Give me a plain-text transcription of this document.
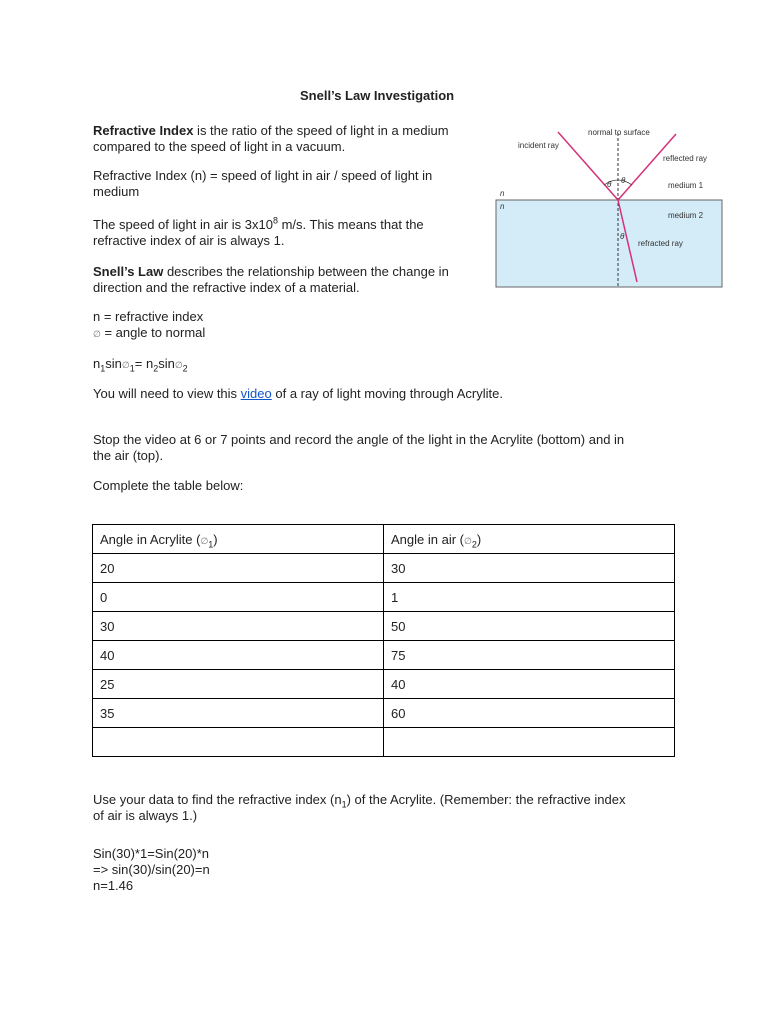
Snell’s Law Investigation
Refractive Index is the ratio of the speed of light in a medium
compared to the speed of light in a vacuum.
Refractive Index (n) = speed of light in air / speed of light in
medium
The speed of light in air is $3x10^8$ m/s. This means that the
refractive index of air is always 1.
Snell’s Law describes the relationship between the change in
direction and the refractive index of a material.
n = refractive index
∅ = angle to normal
$n_1\sin\emptyset_1=$ $n_2\sin\emptyset_2$
You will need to view this video of a ray of light moving through Acrylite.
Stop the video at 6 or 7 points and record the angle of the light in the Acrylite (bottom) and in
the air (top).
Complete the table below:
Angle in Acrylite $(\emptyset_1)$	Angle in air $(\emptyset_2)$
20	30
0	1
30	50
40	75
25	40
35	60

Use your data to find the refractive index $(n_1)$ of the Acrylite. (Remember: the refractive index
of air is always 1.)
Sin(30)*1=Sin(20)*n
=> sin(30)/sin(20)=n
n=1.46
normal to surface
incident ray
reflected ray
medium 1
medium 2
refracted ray
n
n
θ θ
θ
